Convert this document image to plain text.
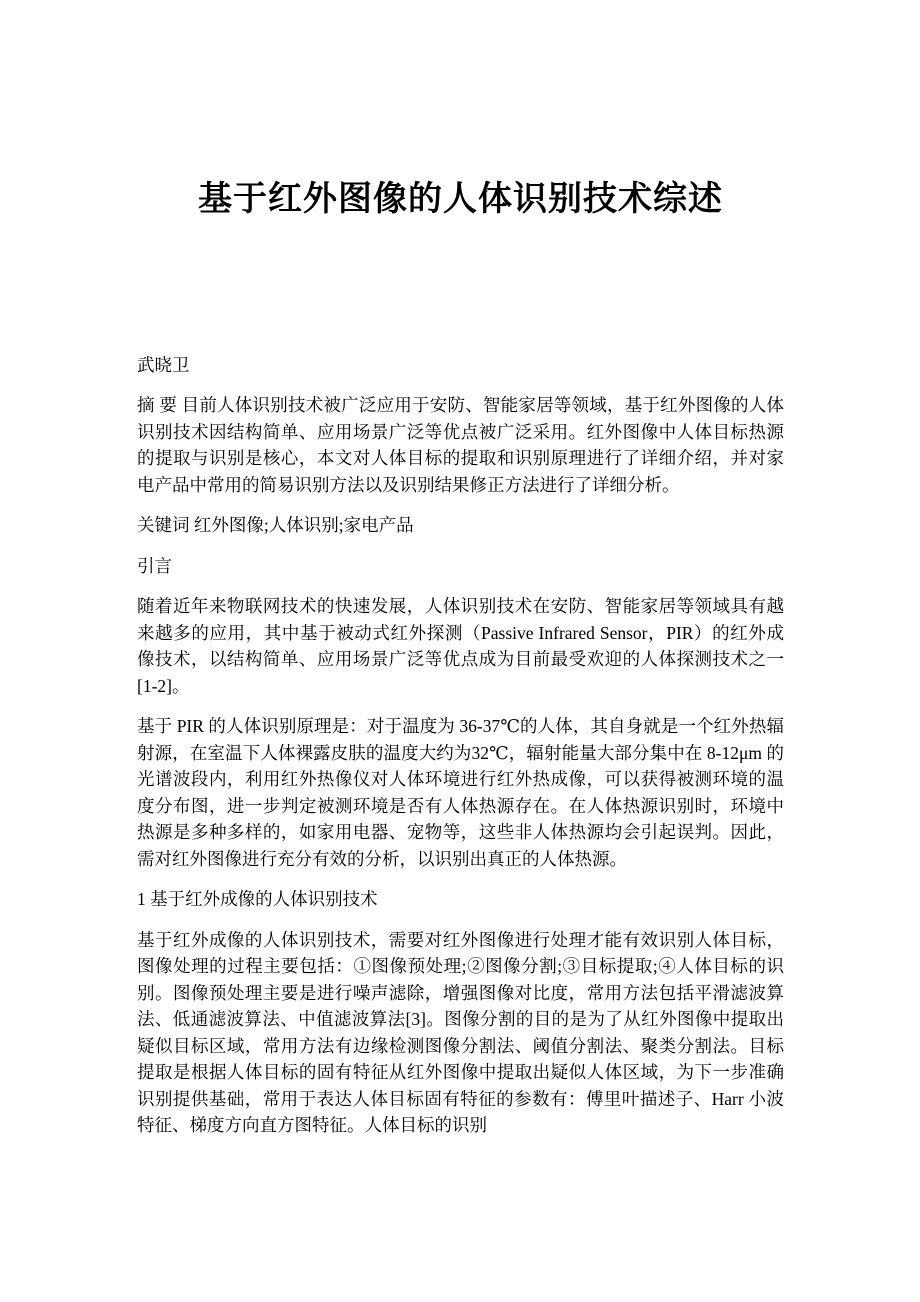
基于红外图像的人体识别技术综述

武晓卫

摘 要 目前人体识别技术被广泛应用于安防、智能家居等领域，基于红外图像的人体识别技术因结构简单、应用场景广泛等优点被广泛采用。红外图像中人体目标热源的提取与识别是核心，本文对人体目标的提取和识别原理进行了详细介绍，并对家电产品中常用的简易识别方法以及识别结果修正方法进行了详细分析。

关键词 红外图像;人体识别;家电产品

引言

随着近年来物联网技术的快速发展，人体识别技术在安防、智能家居等领域具有越来越多的应用，其中基于被动式红外探测（Passive Infrared Sensor，PIR）的红外成像技术，以结构简单、应用场景广泛等优点成为目前最受欢迎的人体探测技术之一[1-2]。

基于 PIR 的人体识别原理是：对于温度为 36-37℃的人体，其自身就是一个红外热辐射源，在室温下人体裸露皮肤的温度大约为32℃，辐射能量大部分集中在 8-12μm 的光谱波段内，利用红外热像仪对人体环境进行红外热成像，可以获得被测环境的温度分布图，进一步判定被测环境是否有人体热源存在。在人体热源识别时，环境中热源是多种多样的，如家用电器、宠物等，这些非人体热源均会引起误判。因此，需对红外图像进行充分有效的分析，以识别出真正的人体热源。

1 基于红外成像的人体识别技术

基于红外成像的人体识别技术，需要对红外图像进行处理才能有效识别人体目标，图像处理的过程主要包括：①图像预处理;②图像分割;③目标提取;④人体目标的识别。图像预处理主要是进行噪声滤除，增强图像对比度，常用方法包括平滑滤波算法、低通滤波算法、中值滤波算法[3]。图像分割的目的是为了从红外图像中提取出疑似目标区域，常用方法有边缘检测图像分割法、阈值分割法、聚类分割法。目标提取是根据人体目标的固有特征从红外图像中提取出疑似人体区域，为下一步准确识别提供基础，常用于表达人体目标固有特征的参数有：傅里叶描述子、Harr 小波特征、梯度方向直方图特征。人体目标的识别
